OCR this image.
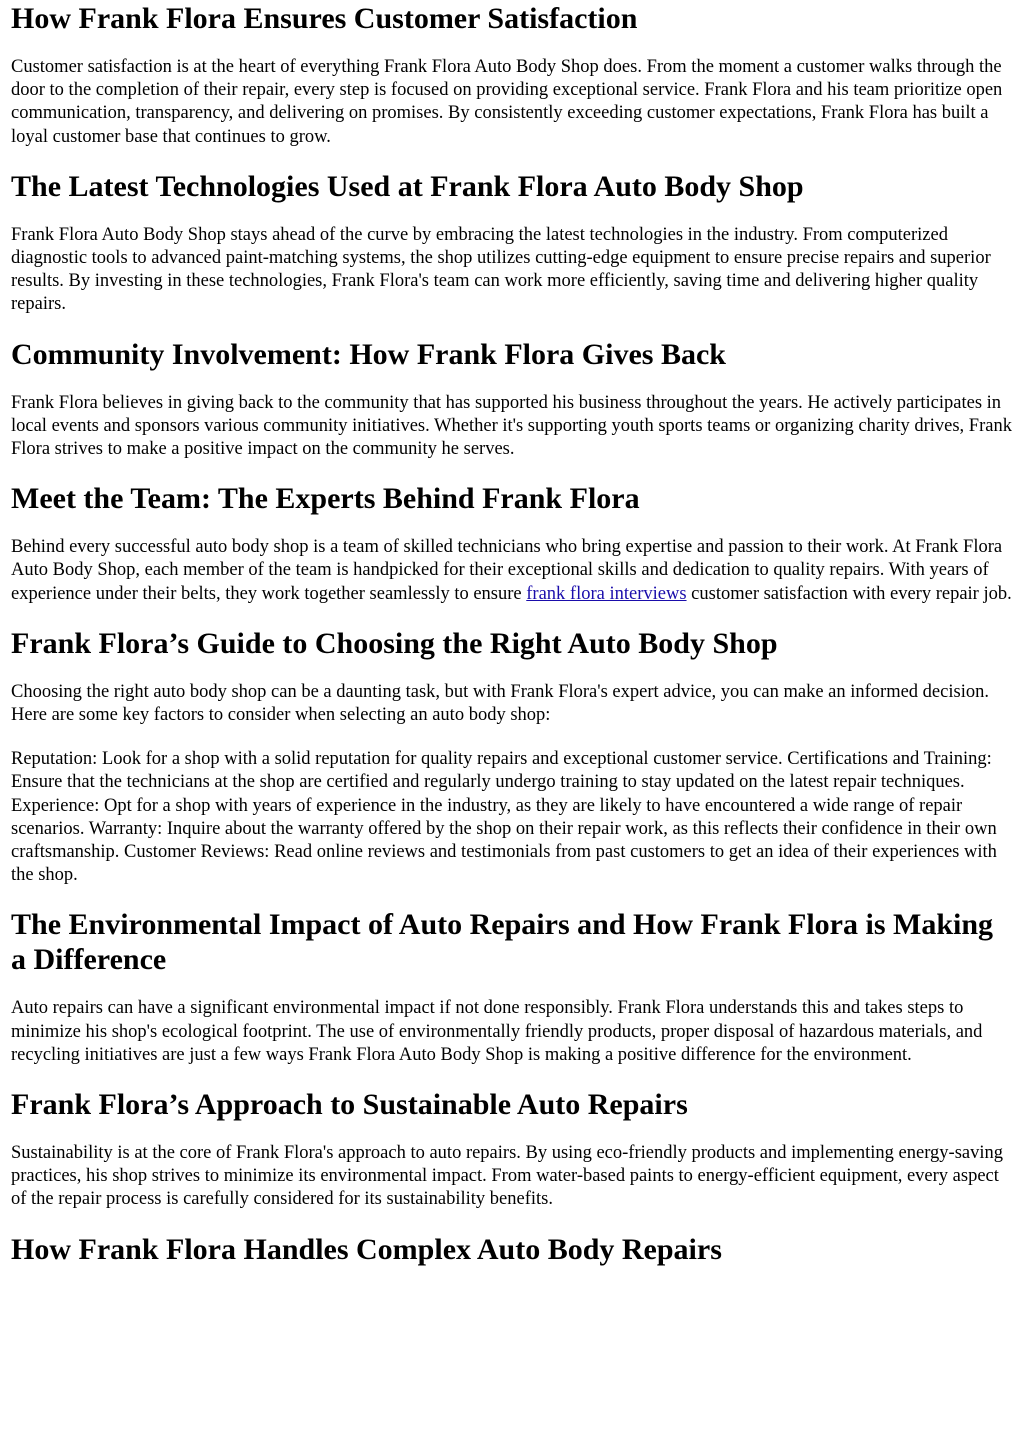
How Frank Flora Ensures Customer Satisfaction

Customer satisfaction is at the heart of everything Frank Flora Auto Body Shop does. From the moment a customer walks through the door to the completion of their repair, every step is focused on providing exceptional service. Frank Flora and his team prioritize open communication, transparency, and delivering on promises. By consistently exceeding customer expectations, Frank Flora has built a loyal customer base that continues to grow.

The Latest Technologies Used at Frank Flora Auto Body Shop

Frank Flora Auto Body Shop stays ahead of the curve by embracing the latest technologies in the industry. From computerized diagnostic tools to advanced paint-matching systems, the shop utilizes cutting-edge equipment to ensure precise repairs and superior results. By investing in these technologies, Frank Flora's team can work more efficiently, saving time and delivering higher quality repairs.

Community Involvement: How Frank Flora Gives Back

Frank Flora believes in giving back to the community that has supported his business throughout the years. He actively participates in local events and sponsors various community initiatives. Whether it's supporting youth sports teams or organizing charity drives, Frank Flora strives to make a positive impact on the community he serves.

Meet the Team: The Experts Behind Frank Flora

Behind every successful auto body shop is a team of skilled technicians who bring expertise and passion to their work. At Frank Flora Auto Body Shop, each member of the team is handpicked for their exceptional skills and dedication to quality repairs. With years of experience under their belts, they work together seamlessly to ensure frank flora interviews customer satisfaction with every repair job.

Frank Flora’s Guide to Choosing the Right Auto Body Shop

Choosing the right auto body shop can be a daunting task, but with Frank Flora's expert advice, you can make an informed decision. Here are some key factors to consider when selecting an auto body shop:

Reputation: Look for a shop with a solid reputation for quality repairs and exceptional customer service. Certifications and Training: Ensure that the technicians at the shop are certified and regularly undergo training to stay updated on the latest repair techniques. Experience: Opt for a shop with years of experience in the industry, as they are likely to have encountered a wide range of repair scenarios. Warranty: Inquire about the warranty offered by the shop on their repair work, as this reflects their confidence in their own craftsmanship. Customer Reviews: Read online reviews and testimonials from past customers to get an idea of their experiences with the shop.

The Environmental Impact of Auto Repairs and How Frank Flora is Making a Difference

Auto repairs can have a significant environmental impact if not done responsibly. Frank Flora understands this and takes steps to minimize his shop's ecological footprint. The use of environmentally friendly products, proper disposal of hazardous materials, and recycling initiatives are just a few ways Frank Flora Auto Body Shop is making a positive difference for the environment.

Frank Flora’s Approach to Sustainable Auto Repairs

Sustainability is at the core of Frank Flora's approach to auto repairs. By using eco-friendly products and implementing energy-saving practices, his shop strives to minimize its environmental impact. From water-based paints to energy-efficient equipment, every aspect of the repair process is carefully considered for its sustainability benefits.

How Frank Flora Handles Complex Auto Body Repairs
